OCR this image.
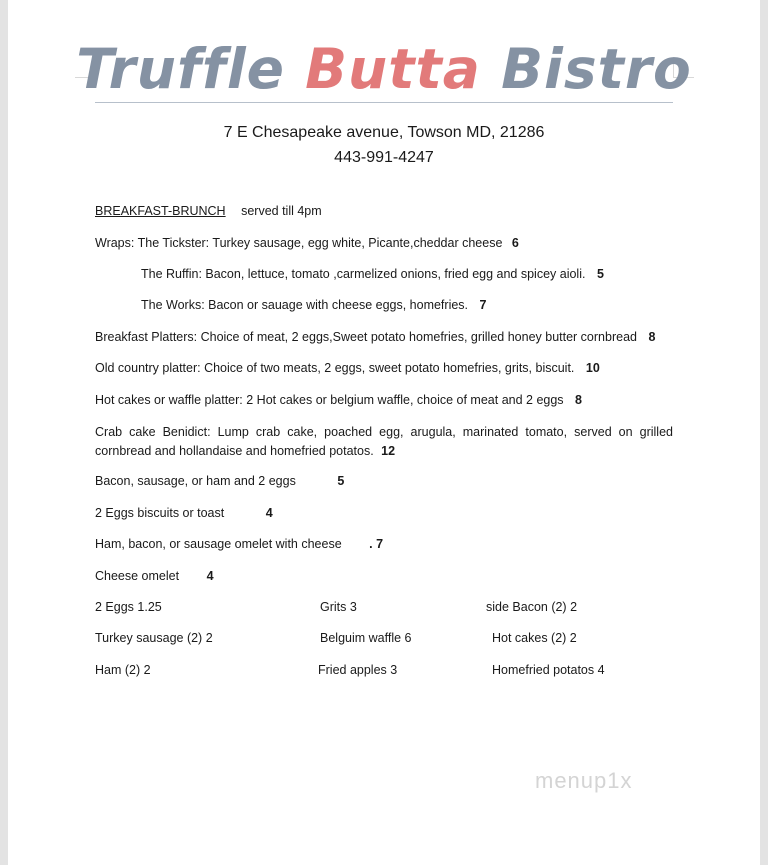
Truffle Butta Bistro
7 E Chesapeake avenue, Towson MD, 21286
443-991-4247
BREAKFAST-BRUNCH served till 4pm
Wraps: The Tickster: Turkey sausage, egg white, Picante,cheddar cheese 6
The Ruffin: Bacon, lettuce, tomato ,carmelized onions, fried egg and spicey aioli. 5
The Works: Bacon or sauage with cheese eggs, homefries. 7
Breakfast Platters: Choice of meat, 2 eggs,Sweet potato homefries, grilled honey butter cornbread 8
Old country platter: Choice of two meats, 2 eggs, sweet potato homefries, grits, biscuit. 10
Hot cakes or waffle platter: 2 Hot cakes or belgium waffle, choice of meat and 2 eggs 8
Crab cake Benidict: Lump crab cake, poached egg, arugula, marinated tomato, served on grilled cornbread and hollandaise and homefried potatos. 12
Bacon, sausage, or ham and 2 eggs	5
2 Eggs biscuits or toast	4
Ham, bacon, or sausage omelet with cheese . 7
Cheese omelet 4
2 Eggs 1.25	Grits 3	side Bacon (2) 2
Turkey sausage (2) 2	Belguim waffle 6	Hot cakes (2) 2
Ham (2) 2	Fried apples 3	Homefried potatos 4
menup1x
